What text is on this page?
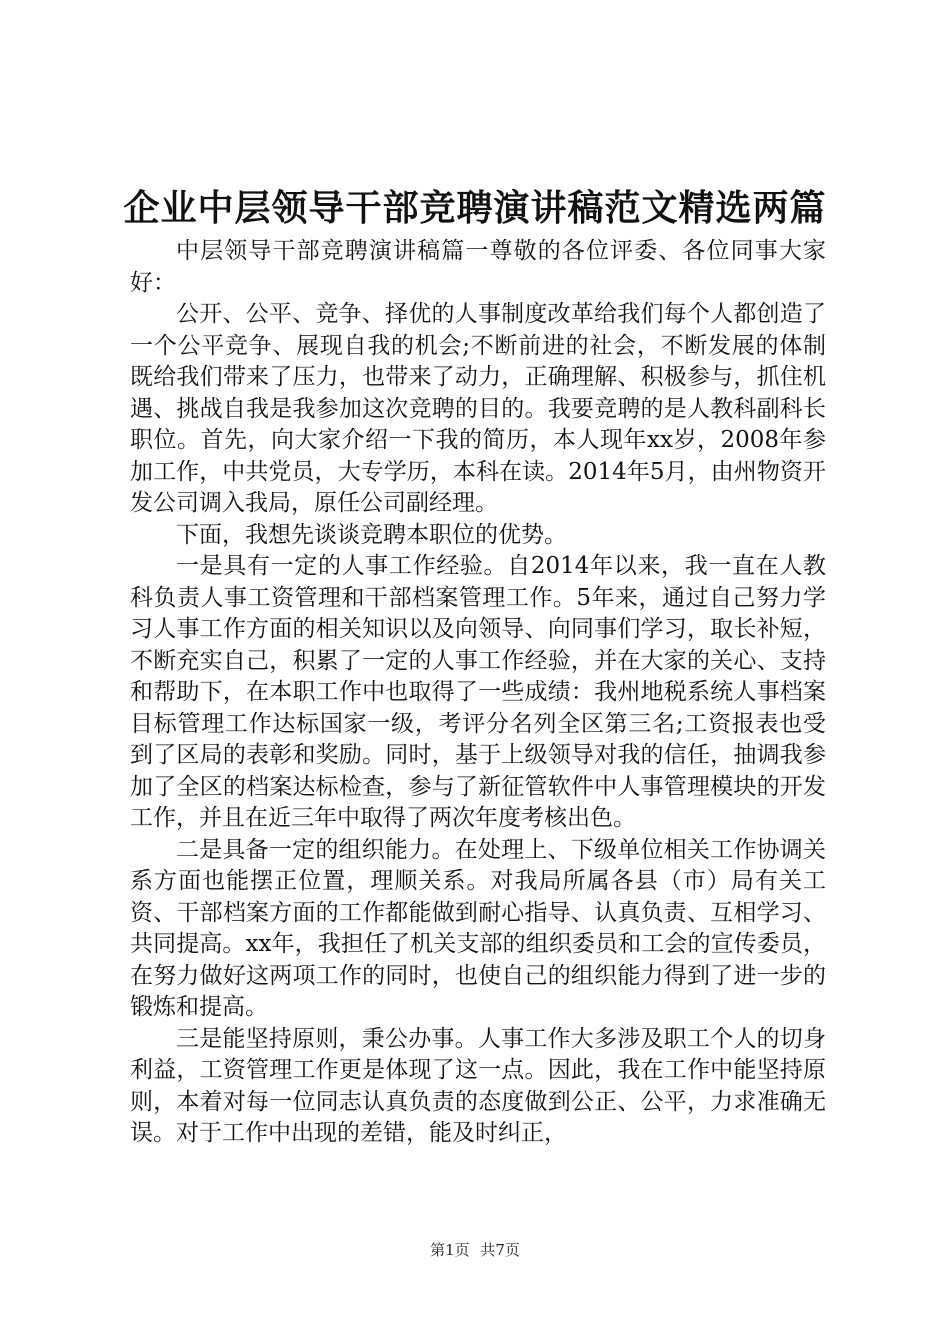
企业中层领导干部竞聘演讲稿范文精选两篇

中层领导干部竞聘演讲稿篇一尊敬的各位评委、各位同事大家好：

公开、公平、竞争、择优的人事制度改革给我们每个人都创造了一个公平竞争、展现自我的机会;不断前进的社会，不断发展的体制既给我们带来了压力，也带来了动力，正确理解、积极参与，抓住机遇、挑战自我是我参加这次竞聘的目的。我要竞聘的是人教科副科长职位。首先，向大家介绍一下我的简历，本人现年xx岁，2008年参加工作，中共党员，大专学历，本科在读。2014年5月，由州物资开发公司调入我局，原任公司副经理。

下面，我想先谈谈竞聘本职位的优势。

一是具有一定的人事工作经验。自2014年以来，我一直在人教科负责人事工资管理和干部档案管理工作。5年来，通过自己努力学习人事工作方面的相关知识以及向领导、向同事们学习，取长补短，不断充实自己，积累了一定的人事工作经验，并在大家的关心、支持和帮助下，在本职工作中也取得了一些成绩：我州地税系统人事档案目标管理工作达标国家一级，考评分名列全区第三名;工资报表也受到了区局的表彰和奖励。同时，基于上级领导对我的信任，抽调我参加了全区的档案达标检查，参与了新征管软件中人事管理模块的开发工作，并且在近三年中取得了两次年度考核出色。

二是具备一定的组织能力。在处理上、下级单位相关工作协调关系方面也能摆正位置，理顺关系。对我局所属各县（市）局有关工资、干部档案方面的工作都能做到耐心指导、认真负责、互相学习、共同提高。xx年，我担任了机关支部的组织委员和工会的宣传委员，在努力做好这两项工作的同时，也使自己的组织能力得到了进一步的锻炼和提高。

三是能坚持原则，秉公办事。人事工作大多涉及职工个人的切身利益，工资管理工作更是体现了这一点。因此，我在工作中能坚持原则，本着对每一位同志认真负责的态度做到公正、公平，力求准确无误。对于工作中出现的差错，能及时纠正，

第1页 共7页
